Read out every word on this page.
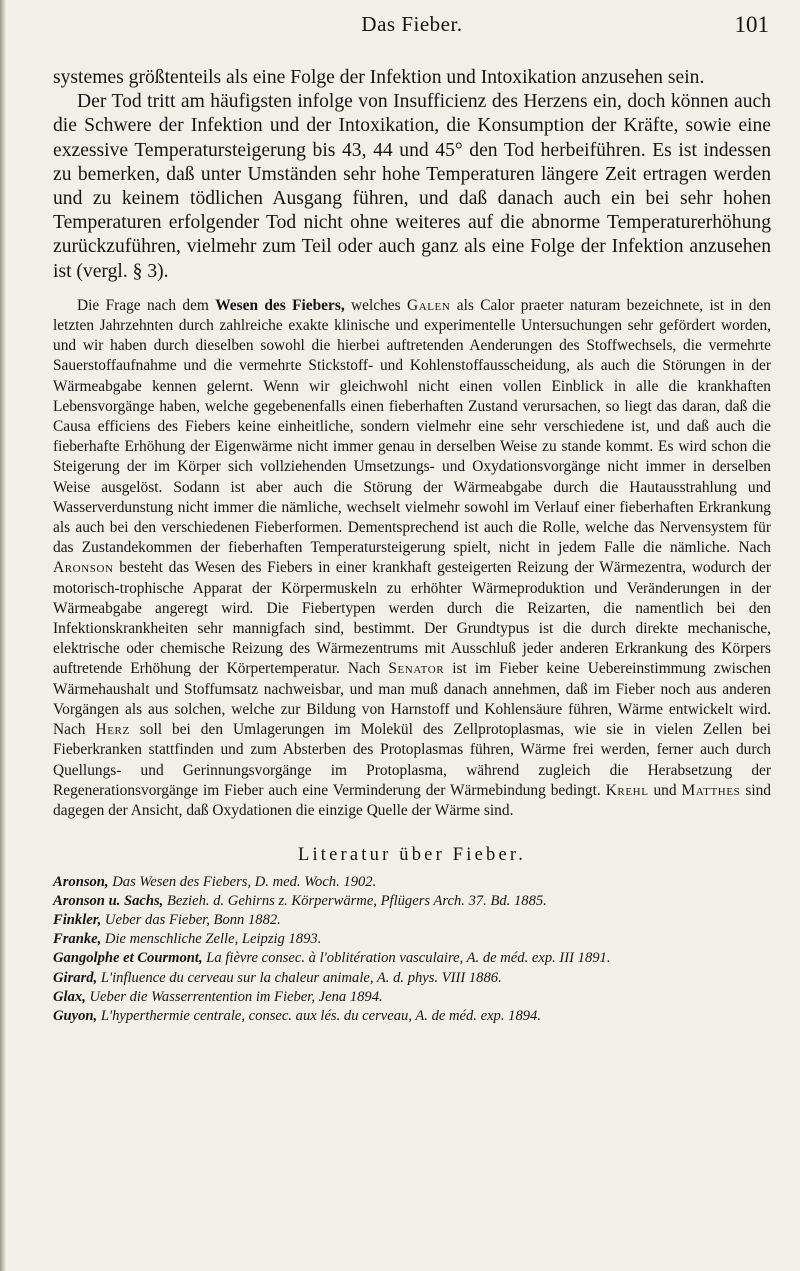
Das Fieber.	101

systemes größtenteils als eine Folge der Infektion und Intoxikation anzusehen sein.

Der Tod tritt am häufigsten infolge von Insufficienz des Herzens ein, doch können auch die Schwere der Infektion und der Intoxikation, die Konsumption der Kräfte, sowie eine exzessive Temperatursteigerung bis 43, 44 und 45° den Tod herbeiführen. Es ist indessen zu bemerken, daß unter Umständen sehr hohe Temperaturen längere Zeit ertragen werden und zu keinem tödlichen Ausgang führen, und daß danach auch ein bei sehr hohen Temperaturen erfolgender Tod nicht ohne weiteres auf die abnorme Temperaturerhöhung zurückzuführen, vielmehr zum Teil oder auch ganz als eine Folge der Infektion anzusehen ist (vergl. § 3).

Die Frage nach dem Wesen des Fiebers, welches Galen als Calor praeter naturam bezeichnete, ist in den letzten Jahrzehnten durch zahlreiche exakte klinische und experimentelle Untersuchungen sehr gefördert worden, und wir haben durch dieselben sowohl die hierbei auftretenden Aenderungen des Stoffwechsels, die vermehrte Sauerstoffaufnahme und die vermehrte Stickstoff- und Kohlenstoffausscheidung, als auch die Störungen in der Wärmeabgabe kennen gelernt. Wenn wir gleichwohl nicht einen vollen Einblick in alle die krankhaften Lebensvorgänge haben, welche gegebenenfalls einen fieberhaften Zustand verursachen, so liegt das daran, daß die Causa efficiens des Fiebers keine einheitliche, sondern vielmehr eine sehr verschiedene ist, und daß auch die fieberhafte Erhöhung der Eigenwärme nicht immer genau in derselben Weise zu stande kommt. Es wird schon die Steigerung der im Körper sich vollziehenden Umsetzungs- und Oxydationsvorgänge nicht immer in derselben Weise ausgelöst. Sodann ist aber auch die Störung der Wärmeabgabe durch die Hautausstrahlung und Wasserverdunstung nicht immer die nämliche, wechselt vielmehr sowohl im Verlauf einer fieberhaften Erkrankung als auch bei den verschiedenen Fieberformen. Dementsprechend ist auch die Rolle, welche das Nervensystem für das Zustandekommen der fieberhaften Temperatursteigerung spielt, nicht in jedem Falle die nämliche. Nach Aronson besteht das Wesen des Fiebers in einer krankhaft gesteigerten Reizung der Wärmezentra, wodurch der motorisch-trophische Apparat der Körpermuskeln zu erhöhter Wärmeproduktion und Veränderungen in der Wärmeabgabe angeregt wird. Die Fiebertypen werden durch die Reizarten, die namentlich bei den Infektionskrankheiten sehr mannigfach sind, bestimmt. Der Grundtypus ist die durch direkte mechanische, elektrische oder chemische Reizung des Wärmezentrums mit Ausschluß jeder anderen Erkrankung des Körpers auftretende Erhöhung der Körpertemperatur. Nach Senator ist im Fieber keine Uebereinstimmung zwischen Wärmehaushalt und Stoffumsatz nachweisbar, und man muß danach annehmen, daß im Fieber noch aus anderen Vorgängen als aus solchen, welche zur Bildung von Harnstoff und Kohlensäure führen, Wärme entwickelt wird. Nach Herz soll bei den Umlagerungen im Molekül des Zellprotoplasmas, wie sie in vielen Zellen bei Fieberkranken stattfinden und zum Absterben des Protoplasmas führen, Wärme frei werden, ferner auch durch Quellungs- und Gerinnungsvorgänge im Protoplasma, während zugleich die Herabsetzung der Regenerationsvorgänge im Fieber auch eine Verminderung der Wärmebindung bedingt. Krehl und Matthes sind dagegen der Ansicht, daß Oxydationen die einzige Quelle der Wärme sind.

Literatur über Fieber.
Aronson, Das Wesen des Fiebers, D. med. Woch. 1902.
Aronson u. Sachs, Bezieh. d. Gehirns z. Körperwärme, Pflügers Arch. 37. Bd. 1885.
Finkler, Ueber das Fieber, Bonn 1882.
Franke, Die menschliche Zelle, Leipzig 1893.
Gangolphe et Courmont, La fièvre consec. à l'oblitération vasculaire, A. de méd. exp. III 1891.
Girard, L'influence du cerveau sur la chaleur animale, A. d. phys. VIII 1886.
Glax, Ueber die Wasserrentention im Fieber, Jena 1894.
Guyon, L'hyperthermie centrale, consec. aux lés. du cerveau, A. de méd. exp. 1894.
